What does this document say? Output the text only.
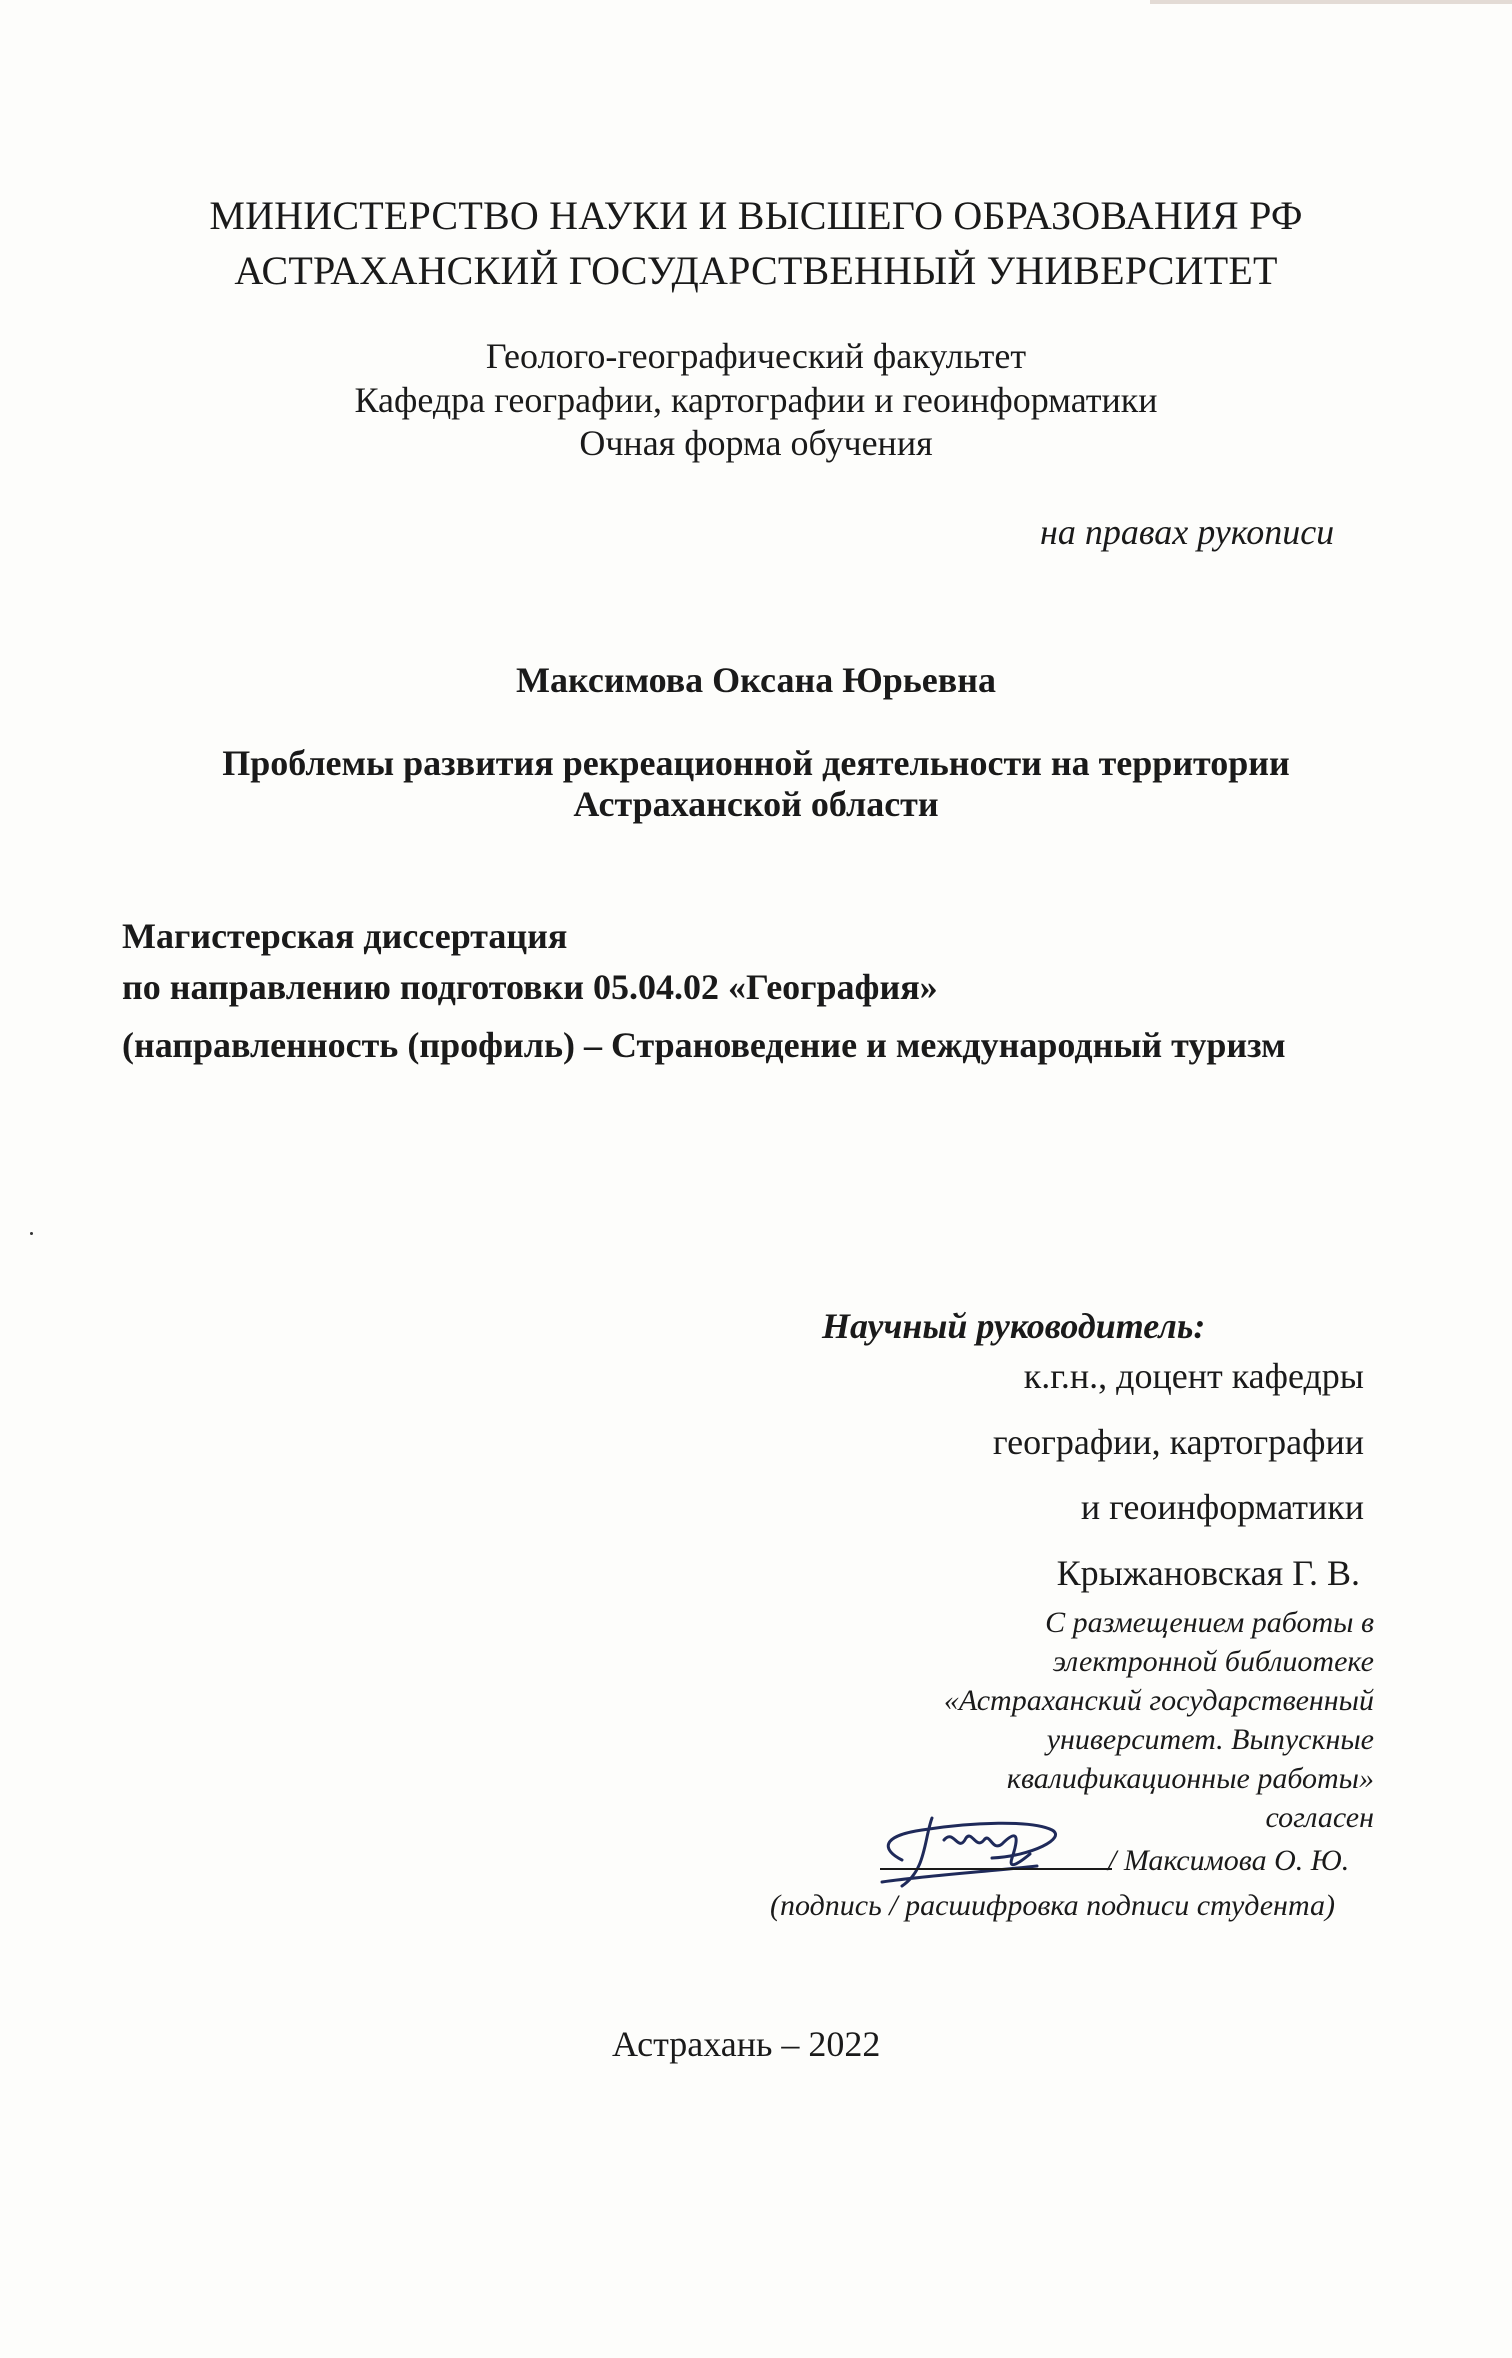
МИНИСТЕРСТВО НАУКИ И ВЫСШЕГО ОБРАЗОВАНИЯ РФ
АСТРАХАНСКИЙ ГОСУДАРСТВЕННЫЙ УНИВЕРСИТЕТ
Геолого-географический факультет
Кафедра географии, картографии и геоинформатики
Очная форма обучения
на правах рукописи
Максимова Оксана Юрьевна
Проблемы развития рекреационной деятельности на территории
Астраханской области
Магистерская диссертация
по направлению подготовки 05.04.02 «География»
(направленность (профиль) – Страноведение и международный туризм
Научный руководитель:
к.г.н., доцент кафедры
географии, картографии
и геоинформатики
Крыжановская Г. В.
С размещением работы в
электронной библиотеке
«Астраханский государственный
университет. Выпускные
квалификационные работы»
согласен
/ Максимова О. Ю.
(подпись / расшифровка подписи студента)
Астрахань – 2022
